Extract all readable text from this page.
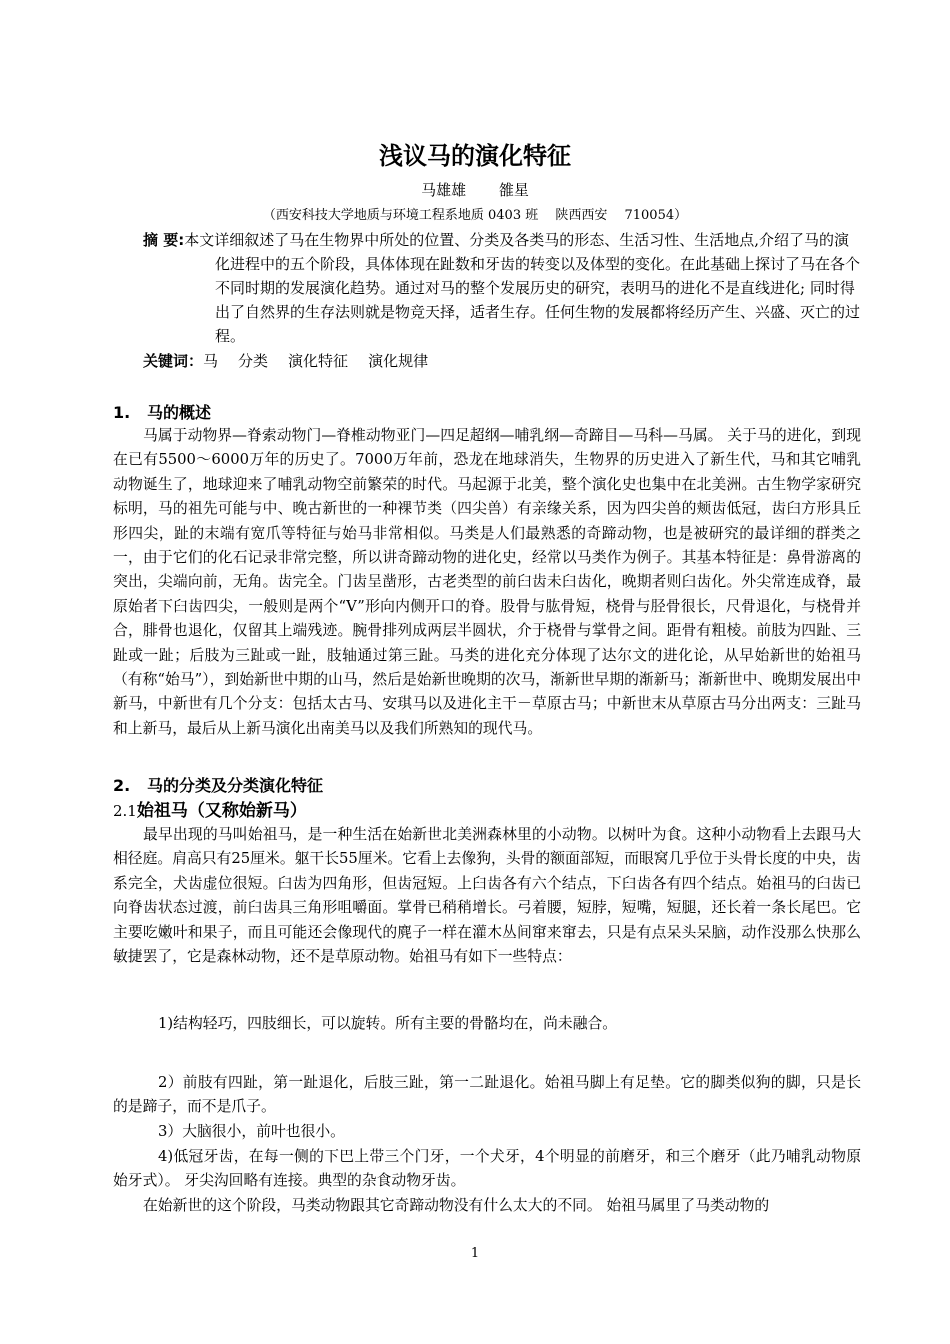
浅议马的演化特征
马雄雄 雒星
（西安科技大学地质与环境工程系地质 0403 班　 陕西西安　 710054）

摘 要:本文详细叙述了马在生物界中所处的位置、分类及各类马的形态、生活习性、生活地点,介绍了马的演化进程中的五个阶段，具体体现在趾数和牙齿的转变以及体型的变化。在此基础上探讨了马在各个不同时期的发展演化趋势。通过对马的整个发展历史的研究，表明马的进化不是直线进化; 同时得出了自然界的生存法则就是物竞天择，适者生存。任何生物的发展都将经历产生、兴盛、灭亡的过程。

关键词：马 分类 演化特征 演化规律
1. 马的概述

马属于动物界—脊索动物门—脊椎动物亚门—四足超纲—哺乳纲—奇蹄目—马科—马属。 关于马的进化，到现在已有5500～6000万年的历史了。7000万年前，恐龙在地球消失，生物界的历史进入了新生代，马和其它哺乳动物诞生了，地球迎来了哺乳动物空前繁荣的时代。马起源于北美，整个演化史也集中在北美洲。古生物学家研究标明，马的祖先可能与中、晚古新世的一种裸节类（四尖兽）有亲缘关系，因为四尖兽的颊齿低冠，齿臼方形具丘形四尖，趾的末端有宽爪等特征与始马非常相似。马类是人们最熟悉的奇蹄动物，也是被研究的最详细的群类之一，由于它们的化石记录非常完整，所以讲奇蹄动物的进化史，经常以马类作为例子。其基本特征是：鼻骨游离的突出，尖端向前，无角。齿完全。门齿呈凿形，古老类型的前臼齿未臼齿化，晚期者则臼齿化。外尖常连成脊，最原始者下臼齿四尖，一般则是两个“V”形向内侧开口的脊。股骨与肱骨短，桡骨与胫骨很长，尺骨退化，与桡骨并合，腓骨也退化，仅留其上端残迹。腕骨排列成两层半圆状，介于桡骨与掌骨之间。距骨有粗棱。前肢为四趾、三趾或一趾；后肢为三趾或一趾，肢轴通过第三趾。马类的进化充分体现了达尔文的进化论，从早始新世的始祖马（有称“始马”），到始新世中期的山马，然后是始新世晚期的次马，渐新世早期的渐新马；渐新世中、晚期发展出中新马，中新世有几个分支：包括太古马、安琪马以及进化主干－草原古马；中新世末从草原古马分出两支：三趾马和上新马，最后从上新马演化出南美马以及我们所熟知的现代马。

2. 马的分类及分类演化特征
2.1始祖马（又称始新马）

最早出现的马叫始祖马，是一种生活在始新世北美洲森林里的小动物。以树叶为食。这种小动物看上去跟马大相径庭。肩高只有25厘米。躯干长55厘米。它看上去像狗，头骨的额面部短，而眼窝几乎位于头骨长度的中央，齿系完全，犬齿虚位很短。臼齿为四角形，但齿冠短。上臼齿各有六个结点，下臼齿各有四个结点。始祖马的臼齿已向脊齿状态过渡，前臼齿具三角形咀嚼面。掌骨已稍稍增长。弓着腰，短脖，短嘴，短腿，还长着一条长尾巴。它主要吃嫩叶和果子，而且可能还会像现代的麂子一样在灌木丛间窜来窜去，只是有点呆头呆脑，动作没那么快那么敏捷罢了，它是森林动物，还不是草原动物。始祖马有如下一些特点：

1)结构轻巧，四肢细长，可以旋转。所有主要的骨骼均在，尚未融合。

2）前肢有四趾，第一趾退化，后肢三趾，第一二趾退化。始祖马脚上有足垫。它的脚类似狗的脚，只是长的是蹄子，而不是爪子。

3）大脑很小，前叶也很小。

4)低冠牙齿，在每一侧的下巴上带三个门牙，一个犬牙，4个明显的前磨牙，和三个磨牙（此乃哺乳动物原始牙式）。 牙尖沟回略有连接。典型的杂食动物牙齿。

在始新世的这个阶段，马类动物跟其它奇蹄动物没有什么太大的不同。 始祖马属里了马类动物的

1
